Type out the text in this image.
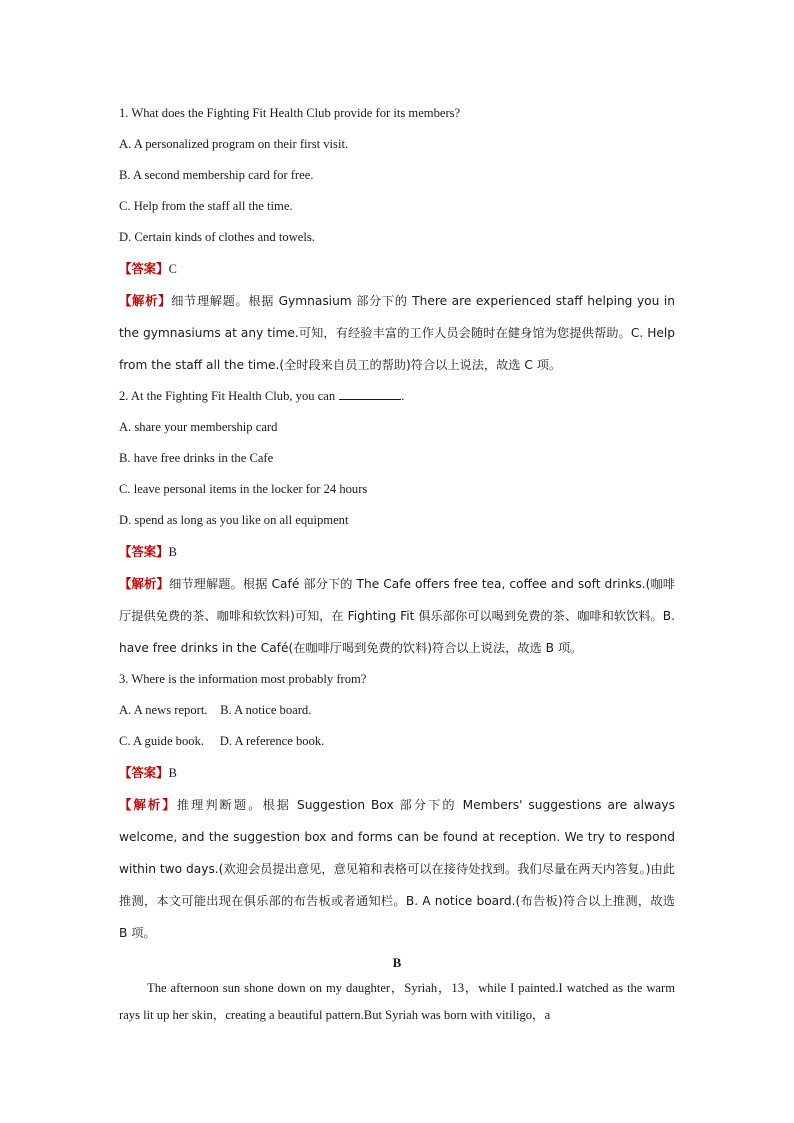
1. What does the Fighting Fit Health Club provide for its members?
A. A personalized program on their first visit.
B. A second membership card for free.
C. Help from the staff all the time.
D. Certain kinds of clothes and towels.
【答案】C
【解析】细节理解题。根据 Gymnasium 部分下的 There are experienced staff helping you in the gymnasiums at any time.可知，有经验丰富的工作人员会随时在健身馆为您提供帮助。C. Help from the staff all the time.(全时段来自员工的帮助)符合以上说法，故选 C 项。
2. At the Fighting Fit Health Club, you can	.
A. share your membership card
B. have free drinks in the Cafe
C. leave personal items in the locker for 24 hours
D. spend as long as you like on all equipment
【答案】B
【解析】细节理解题。根据 Café 部分下的 The Cafe offers free tea, coffee and soft drinks.(咖啡厅提供免费的茶、咖啡和软饮料)可知，在 Fighting Fit 俱乐部你可以喝到免费的茶、咖啡和软饮料。B. have free drinks in the Café(在咖啡厅喝到免费的饮料)符合以上说法，故选 B 项。
3. Where is the information most probably from?
A. A news report.    B. A notice board.
C. A guide book.     D. A reference book.
【答案】B
【解析】推理判断题。根据 Suggestion Box 部分下的 Members' suggestions are always welcome, and the suggestion box and forms can be found at reception. We try to respond within two days.(欢迎会员提出意见，意见箱和表格可以在接待处找到。我们尽量在两天内答复。)由此推测，本文可能出现在俱乐部的布告板或者通知栏。B. A notice board.(布告板)符合以上推测，故选 B 项。
B
The afternoon sun shone down on my daughter，Syriah，13，while I painted.I watched as the warm rays lit up her skin，creating a beautiful pattern.But Syriah was born with vitiligo，a
